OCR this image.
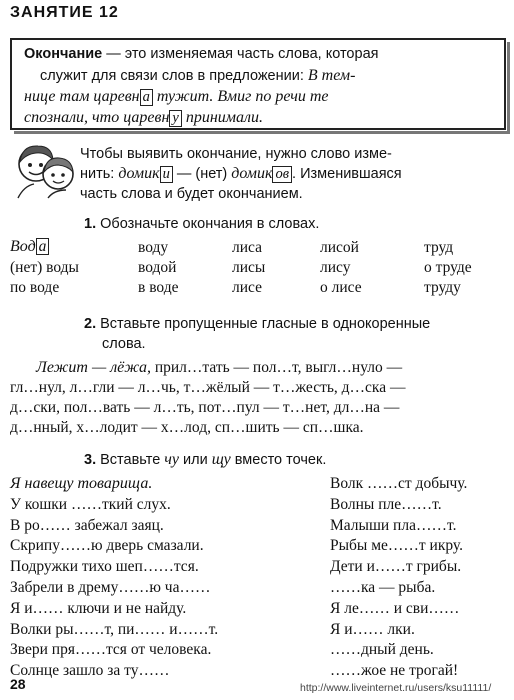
ЗАНЯТИЕ 12
Окончание — это изменяемая часть слова, которая
служит для связи слов в предложении: В тем-
нице там царевн а тужит. Вмиг по речи те
спознали, что царевн у принимали.
Чтобы выявить окончание, нужно слово изме-
нить: домик и — (нет) домик ов . Изменившаяся
часть слова и будет окончанием.
1. Обозначьте окончания в словах.
Вод а	воду	лиса	лисой	труд
(нет) воды	водой	лисы	лису	о труде
по воде	в воде	лисе	о лисе	труду
2. Вставьте пропущенные гласные в однокоренные
слова.
Лежит — лёжа, прил…тать — пол…т, выгл…нуло —
гл…нул, л…гли — л…чь, т…жёлый — т…жесть, д…ска —
д…ски, пол…вать — л…ть, пот…пул — т…нет, дл…на —
д…нный, х…лодит — х…лод, сп…шить — сп…шка.
3. Вставьте чу или щу вместо точек.
Я навещу товарища.
У кошки ……ткий слух.
В ро…… забежал заяц.
Скрипу……ю дверь смазали.
Подружки тихо шеп……тся.
Забрели в дрему……ю ча……
Я и…… ключи и не найду.
Волки ры……т, пи…… и……т.
Звери пря……тся от человека.
Солнце зашло за ту……
Волк ……ст добычу.
Волны пле……т.
Малыши пла……т.
Рыбы ме……т икру.
Дети и……т грибы.
……ка — рыба.
Я ле…… и сви……
Я и…… лки.
……дный день.
……жое не трогай!
28	http://www.liveinternet.ru/users/ksu11111/
